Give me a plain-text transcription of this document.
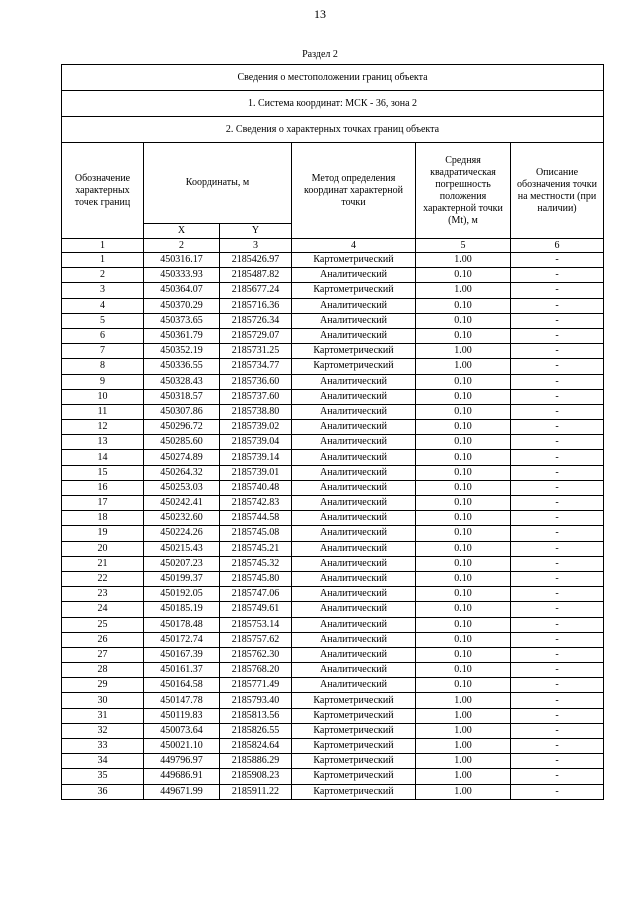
13
Раздел 2
Сведения о местоположении границ объекта					
1. Система координат: МСК - 36, зона 2					
2. Сведения о характерных точках границ объекта					
Обозначение характерных точек границ	Координаты, м		Метод определения координат характерной точки	Средняя квадратическая погрешность положения характерной точки (Mt), м	Описание обозначения точки на местности (при наличии)
	X	Y			
1	2	3	4	5	6
1	450316.17	2185426.97	Картометрический	1.00	-
2	450333.93	2185487.82	Аналитический	0.10	-
3	450364.07	2185677.24	Картометрический	1.00	-
4	450370.29	2185716.36	Аналитический	0.10	-
5	450373.65	2185726.34	Аналитический	0.10	-
6	450361.79	2185729.07	Аналитический	0.10	-
7	450352.19	2185731.25	Картометрический	1.00	-
8	450336.55	2185734.77	Картометрический	1.00	-
9	450328.43	2185736.60	Аналитический	0.10	-
10	450318.57	2185737.60	Аналитический	0.10	-
11	450307.86	2185738.80	Аналитический	0.10	-
12	450296.72	2185739.02	Аналитический	0.10	-
13	450285.60	2185739.04	Аналитический	0.10	-
14	450274.89	2185739.14	Аналитический	0.10	-
15	450264.32	2185739.01	Аналитический	0.10	-
16	450253.03	2185740.48	Аналитический	0.10	-
17	450242.41	2185742.83	Аналитический	0.10	-
18	450232.60	2185744.58	Аналитический	0.10	-
19	450224.26	2185745.08	Аналитический	0.10	-
20	450215.43	2185745.21	Аналитический	0.10	-
21	450207.23	2185745.32	Аналитический	0.10	-
22	450199.37	2185745.80	Аналитический	0.10	-
23	450192.05	2185747.06	Аналитический	0.10	-
24	450185.19	2185749.61	Аналитический	0.10	-
25	450178.48	2185753.14	Аналитический	0.10	-
26	450172.74	2185757.62	Аналитический	0.10	-
27	450167.39	2185762.30	Аналитический	0.10	-
28	450161.37	2185768.20	Аналитический	0.10	-
29	450164.58	2185771.49	Аналитический	0.10	-
30	450147.78	2185793.40	Картометрический	1.00	-
31	450119.83	2185813.56	Картометрический	1.00	-
32	450073.64	2185826.55	Картометрический	1.00	-
33	450021.10	2185824.64	Картометрический	1.00	-
34	449796.97	2185886.29	Картометрический	1.00	-
35	449686.91	2185908.23	Картометрический	1.00	-
36	449671.99	2185911.22	Картометрический	1.00	-
